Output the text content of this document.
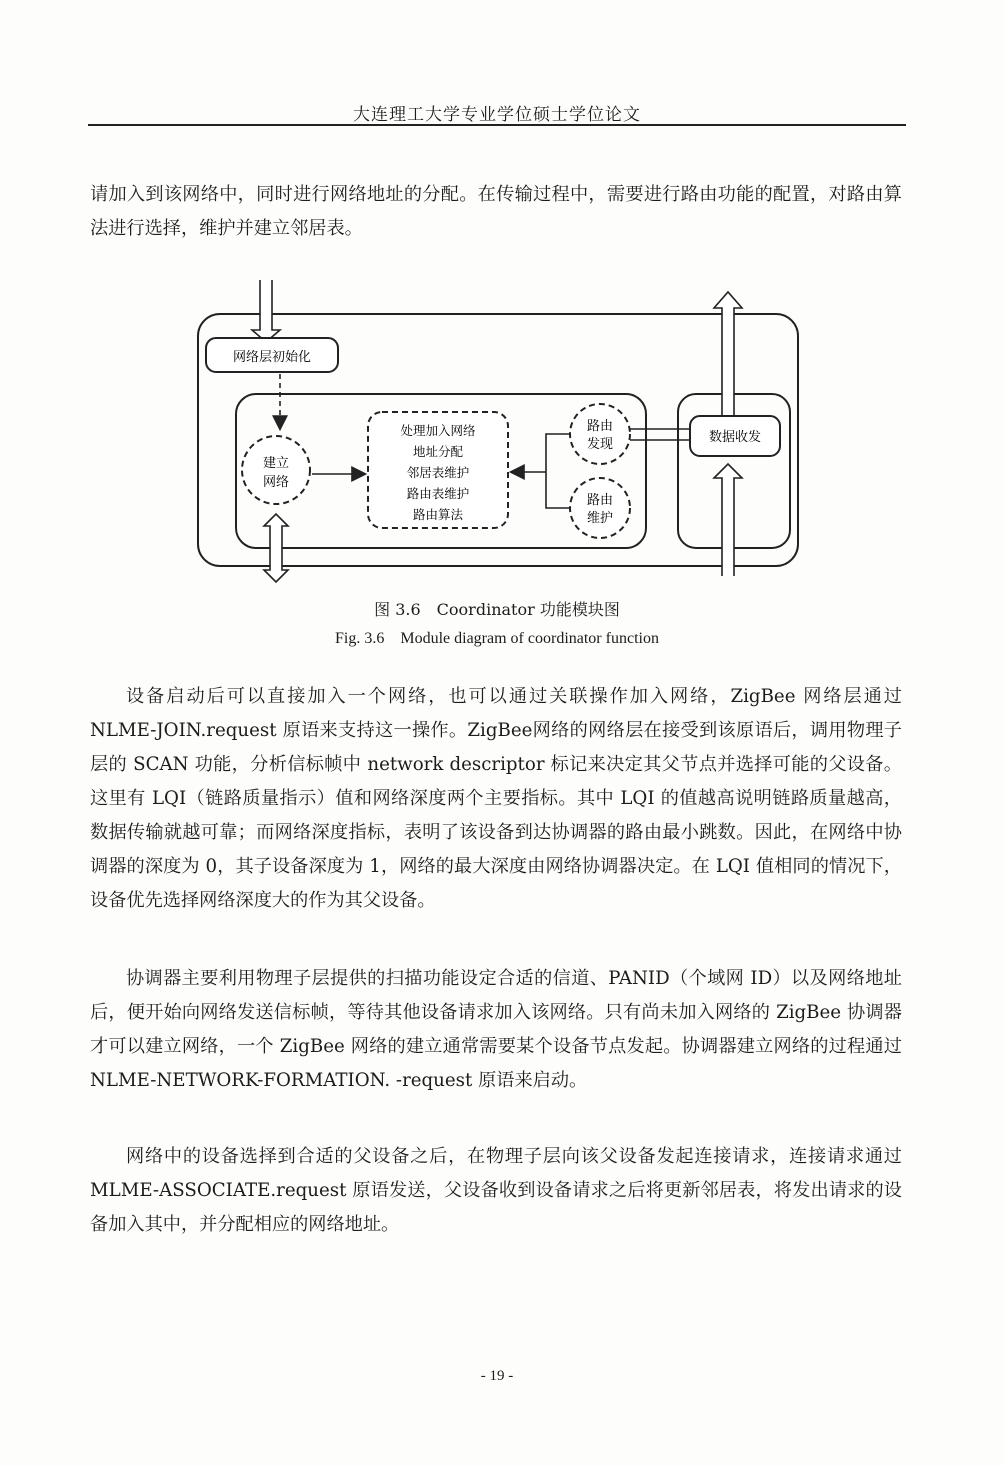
大连理工大学专业学位硕士学位论文

请加入到该网络中，同时进行网络地址的分配。在传输过程中，需要进行路由功能的配置，对路由算法进行选择，维护并建立邻居表。

网络层初始化
建立
网络
处理加入网络
地址分配
邻居表维护
路由表维护
路由算法
路由
发现
路由
维护
数据收发
图 3.6　Coordinator 功能模块图
Fig. 3.6　Module diagram of coordinator function

设备启动后可以直接加入一个网络，也可以通过关联操作加入网络，ZigBee 网络层通过 NLME-JOIN.request 原语来支持这一操作。ZigBee网络的网络层在接受到该原语后，调用物理子层的 SCAN 功能，分析信标帧中 network descriptor 标记来决定其父节点并选择可能的父设备。这里有 LQI（链路质量指示）值和网络深度两个主要指标。其中 LQI 的值越高说明链路质量越高，数据传输就越可靠；而网络深度指标，表明了该设备到达协调器的路由最小跳数。因此，在网络中协调器的深度为 0，其子设备深度为 1，网络的最大深度由网络协调器决定。在 LQI 值相同的情况下，设备优先选择网络深度大的作为其父设备。

协调器主要利用物理子层提供的扫描功能设定合适的信道、PANID（个域网 ID）以及网络地址后，便开始向网络发送信标帧，等待其他设备请求加入该网络。只有尚未加入网络的 ZigBee 协调器才可以建立网络，一个 ZigBee 网络的建立通常需要某个设备节点发起。协调器建立网络的过程通过 NLME-NETWORK-FORMATION. -request 原语来启动。

网络中的设备选择到合适的父设备之后，在物理子层向该父设备发起连接请求，连接请求通过 MLME-ASSOCIATE.request 原语发送，父设备收到设备请求之后将更新邻居表，将发出请求的设备加入其中，并分配相应的网络地址。

- 19 -
